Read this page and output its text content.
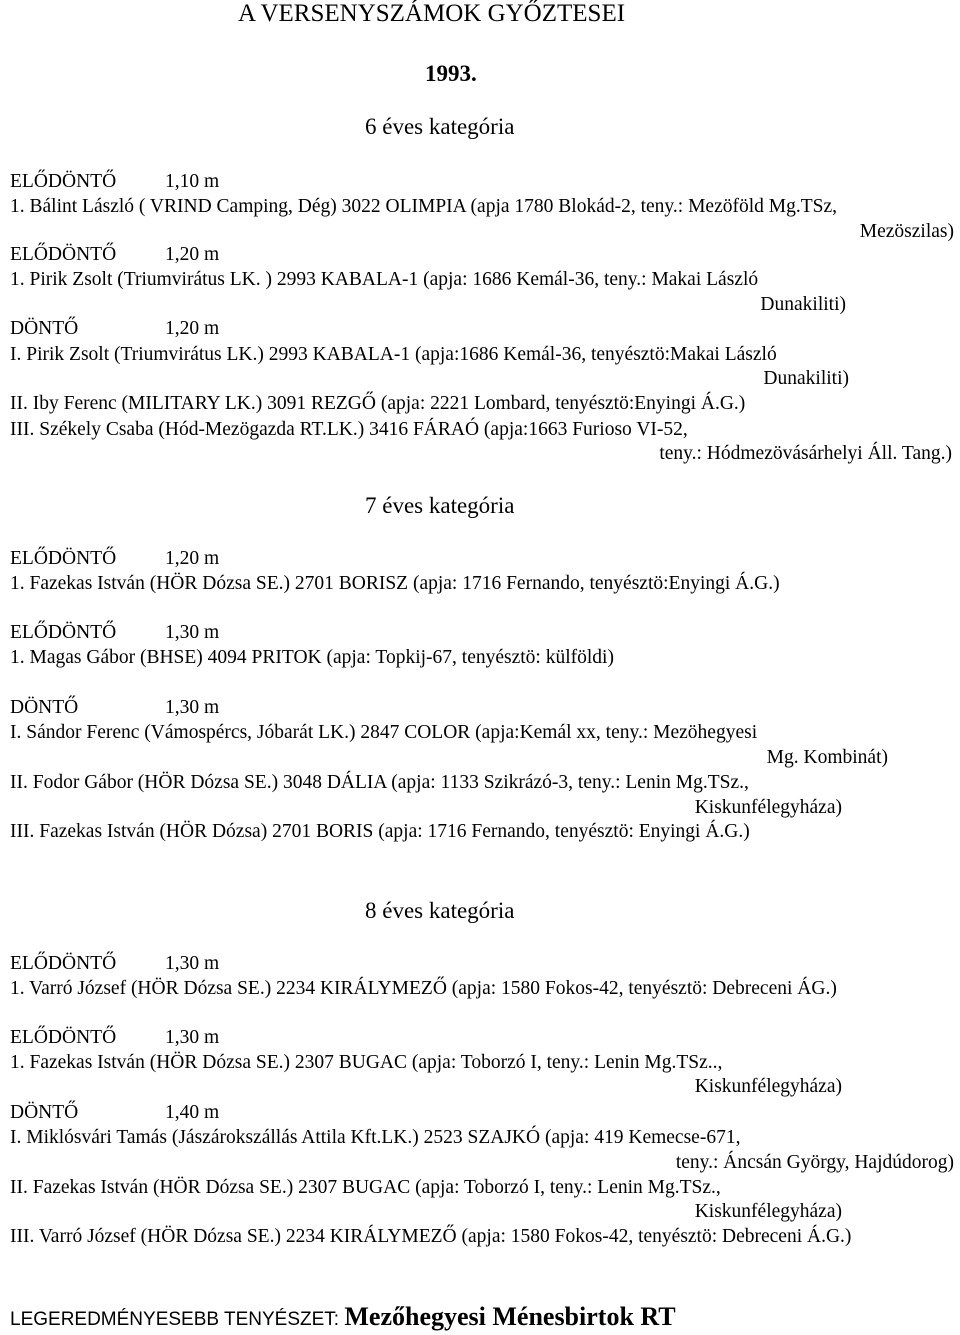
A VERSENYSZÁMOK GYŐZTESEI
1993.
6 éves kategória
ELŐDÖNTŐ	1,10 m
1. Bálint László ( VRIND Camping, Dég) 3022 OLIMPIA (apja 1780 Blokád-2, teny.: Mezöföld Mg.TSz,
Mezöszilas)
ELŐDÖNTŐ	1,20 m
1. Pirik Zsolt (Triumvirátus LK. ) 2993 KABALA-1 (apja: 1686 Kemál-36, teny.: Makai László
Dunakiliti)
DÖNTŐ	1,20 m
I. Pirik Zsolt (Triumvirátus LK.) 2993 KABALA-1 (apja:1686 Kemál-36, tenyésztö:Makai László
Dunakiliti)
II. Iby Ferenc (MILITARY LK.) 3091 REZGŐ (apja: 2221 Lombard, tenyésztö:Enyingi Á.G.)
III. Székely Csaba (Hód-Mezögazda RT.LK.) 3416 FÁRAÓ (apja:1663 Furioso VI-52,
teny.: Hódmezövásárhelyi Áll. Tang.)
7 éves kategória
ELŐDÖNTŐ	1,20 m
1. Fazekas István (HÖR Dózsa SE.) 2701 BORISZ (apja: 1716 Fernando, tenyésztö:Enyingi Á.G.)
ELŐDÖNTŐ	1,30 m
1. Magas Gábor (BHSE) 4094 PRITOK (apja: Topkij-67, tenyésztö: külföldi)
DÖNTŐ	1,30 m
I. Sándor Ferenc (Vámospércs, Jóbarát LK.) 2847 COLOR (apja:Kemál xx, teny.: Mezöhegyesi
Mg. Kombinát)
II. Fodor Gábor (HÖR Dózsa SE.) 3048 DÁLIA (apja: 1133 Szikrázó-3, teny.: Lenin Mg.TSz.,
Kiskunfélegyháza)
III. Fazekas István (HÖR Dózsa) 2701 BORIS (apja: 1716 Fernando, tenyésztö: Enyingi Á.G.)
8 éves kategória
ELŐDÖNTŐ	1,30 m
1. Varró József (HÖR Dózsa SE.) 2234 KIRÁLYMEZŐ (apja: 1580 Fokos-42, tenyésztö: Debreceni ÁG.)
ELŐDÖNTŐ	1,30 m
1. Fazekas István (HÖR Dózsa SE.) 2307 BUGAC (apja: Toborzó I, teny.: Lenin Mg.TSz..,
Kiskunfélegyháza)
DÖNTŐ	1,40 m
I. Miklósvári Tamás (Jászárokszállás Attila Kft.LK.) 2523 SZAJKÓ (apja: 419 Kemecse-671,
teny.: Áncsán György, Hajdúdorog)
II. Fazekas István (HÖR Dózsa SE.) 2307 BUGAC (apja: Toborzó I, teny.: Lenin Mg.TSz.,
Kiskunfélegyháza)
III. Varró József (HÖR Dózsa SE.) 2234 KIRÁLYMEZŐ (apja: 1580 Fokos-42, tenyésztö: Debreceni Á.G.)
LEGEREDMÉNYESEBB TENYÉSZET: Mezőhegyesi Ménesbirtok RT
